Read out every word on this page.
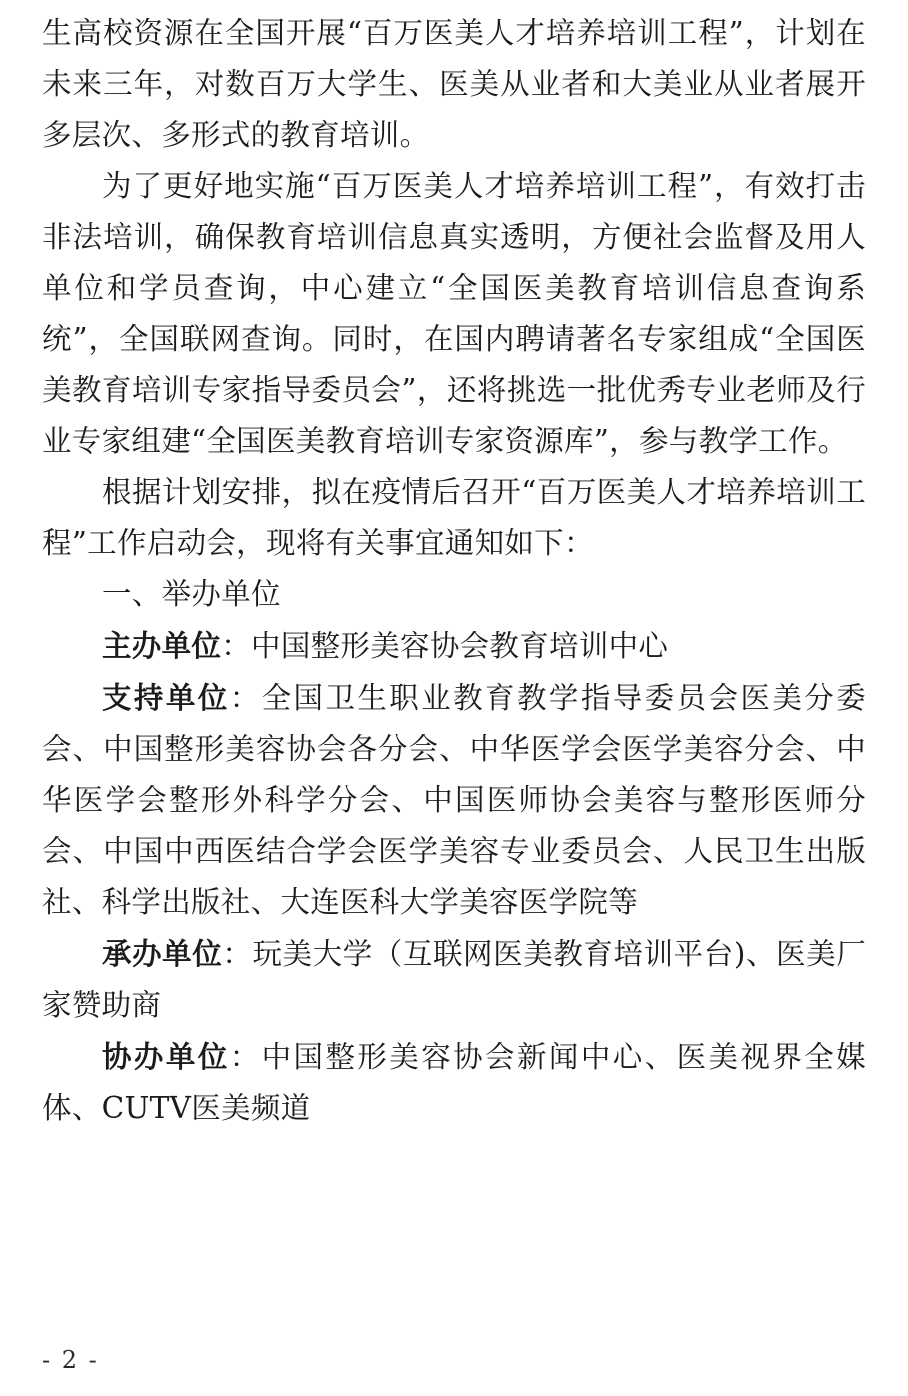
生高校资源在全国开展“百万医美人才培养培训工程”，计划在未来三年，对数百万大学生、医美从业者和大美业从业者展开多层次、多形式的教育培训。

为了更好地实施“百万医美人才培养培训工程”，有效打击非法培训，确保教育培训信息真实透明，方便社会监督及用人单位和学员查询，中心建立“全国医美教育培训信息查询系统”，全国联网查询。同时，在国内聘请著名专家组成“全国医美教育培训专家指导委员会”，还将挑选一批优秀专业老师及行业专家组建“全国医美教育培训专家资源库”，参与教学工作。

根据计划安排，拟在疫情后召开“百万医美人才培养培训工程”工作启动会，现将有关事宜通知如下：

一、举办单位

主办单位：中国整形美容协会教育培训中心

支持单位：全国卫生职业教育教学指导委员会医美分委会、中国整形美容协会各分会、中华医学会医学美容分会、中华医学会整形外科学分会、中国医师协会美容与整形医师分会、中国中西医结合学会医学美容专业委员会、人民卫生出版社、科学出版社、大连医科大学美容医学院等

承办单位：玩美大学（互联网医美教育培训平台)、医美厂家赞助商

协办单位：中国整形美容协会新闻中心、医美视界全媒体、CUTV医美频道

- 2 -
